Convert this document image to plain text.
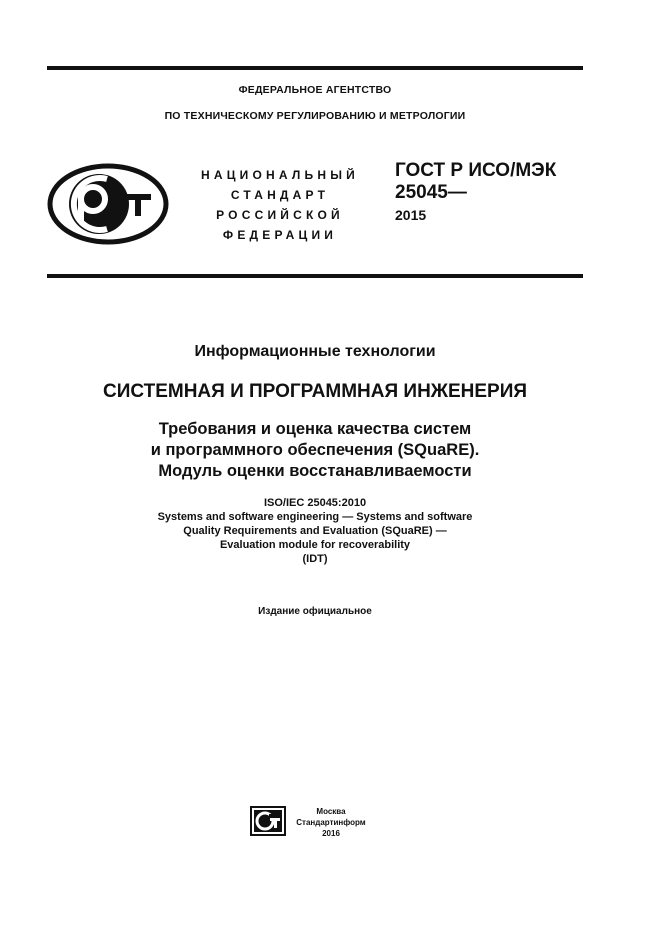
ФЕДЕРАЛЬНОЕ АГЕНТСТВО
ПО ТЕХНИЧЕСКОМУ РЕГУЛИРОВАНИЮ И МЕТРОЛОГИИ
НАЦИОНАЛЬНЫЙ
СТАНДАРТ
РОССИЙСКОЙ
ФЕДЕРАЦИИ
ГОСТ Р ИСО/МЭК
25045—
2015
Информационные технологии
СИСТЕМНАЯ И ПРОГРАММНАЯ ИНЖЕНЕРИЯ
Требования и оценка качества систем
и программного обеспечения (SQuaRE).
Модуль оценки восстанавливаемости
ISO/IEC 25045:2010
Systems and software engineering — Systems and software
Quality Requirements and Evaluation (SQuaRE) —
Evaluation module for recoverability
(IDT)
Издание официальное
Москва
Стандартинформ
2016
